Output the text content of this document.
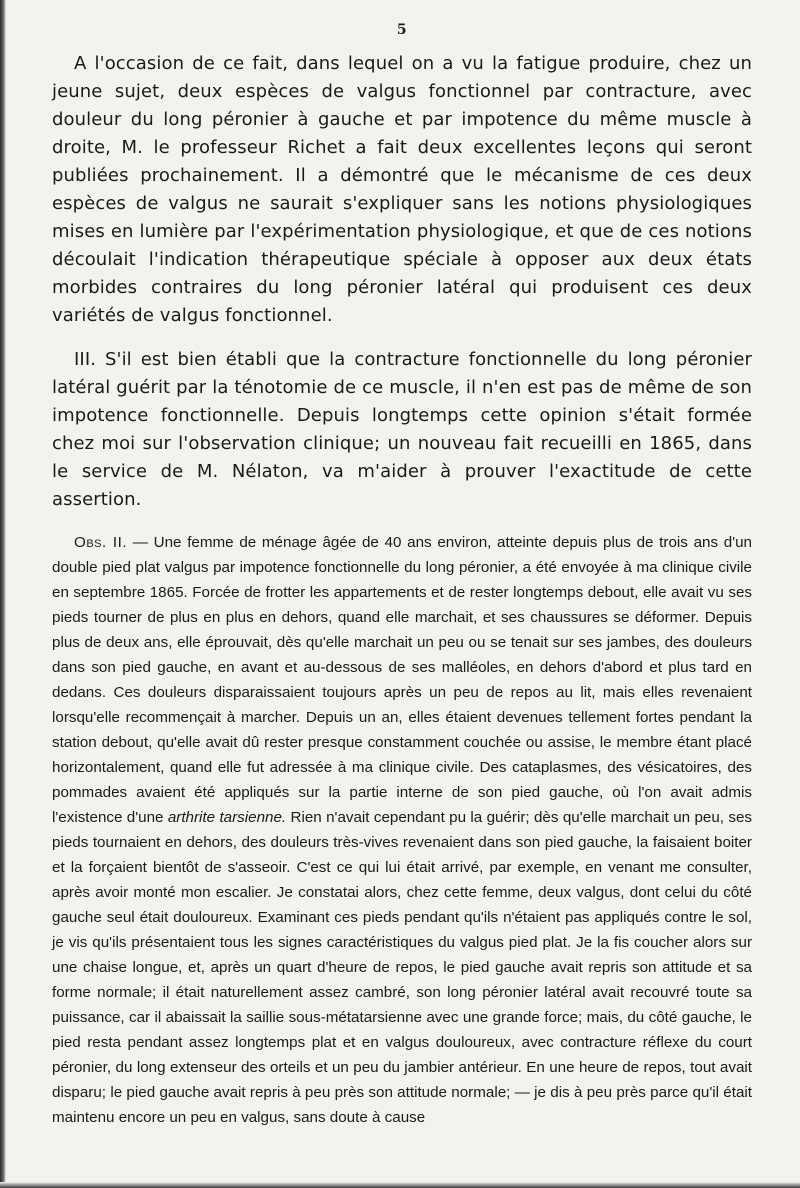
5

A l'occasion de ce fait, dans lequel on a vu la fatigue produire, chez un jeune sujet, deux espèces de valgus fonctionnel par contracture, avec douleur du long péronier à gauche et par impotence du même muscle à droite, M. le professeur Richet a fait deux excellentes leçons qui seront publiées prochainement. Il a démontré que le mécanisme de ces deux espèces de valgus ne saurait s'expliquer sans les notions physiologiques mises en lumière par l'expérimentation physiologique, et que de ces notions découlait l'indication thérapeutique spéciale à opposer aux deux états morbides contraires du long péronier latéral qui produisent ces deux variétés de valgus fonctionnel.

III. S'il est bien établi que la contracture fonctionnelle du long péronier latéral guérit par la ténotomie de ce muscle, il n'en est pas de même de son impotence fonctionnelle. Depuis longtemps cette opinion s'était formée chez moi sur l'observation clinique; un nouveau fait recueilli en 1865, dans le service de M. Nélaton, va m'aider à prouver l'exactitude de cette assertion.

Obs. II. — Une femme de ménage âgée de 40 ans environ, atteinte depuis plus de trois ans d'un double pied plat valgus par impotence fonctionnelle du long péronier, a été envoyée à ma clinique civile en septembre 1865. Forcée de frotter les appartements et de rester longtemps debout, elle avait vu ses pieds tourner de plus en plus en dehors, quand elle marchait, et ses chaussures se déformer. Depuis plus de deux ans, elle éprouvait, dès qu'elle marchait un peu ou se tenait sur ses jambes, des douleurs dans son pied gauche, en avant et au-dessous de ses malléoles, en dehors d'abord et plus tard en dedans. Ces douleurs disparaissaient toujours après un peu de repos au lit, mais elles revenaient lorsqu'elle recommençait à marcher. Depuis un an, elles étaient devenues tellement fortes pendant la station debout, qu'elle avait dû rester presque constamment couchée ou assise, le membre étant placé horizontalement, quand elle fut adressée à ma clinique civile. Des cataplasmes, des vésicatoires, des pommades avaient été appliqués sur la partie interne de son pied gauche, où l'on avait admis l'existence d'une arthrite tarsienne. Rien n'avait cependant pu la guérir; dès qu'elle marchait un peu, ses pieds tournaient en dehors, des douleurs très-vives revenaient dans son pied gauche, la faisaient boiter et la forçaient bientôt de s'asseoir. C'est ce qui lui était arrivé, par exemple, en venant me consulter, après avoir monté mon escalier. Je constatai alors, chez cette femme, deux valgus, dont celui du côté gauche seul était douloureux. Examinant ces pieds pendant qu'ils n'étaient pas appliqués contre le sol, je vis qu'ils présentaient tous les signes caractéristiques du valgus pied plat. Je la fis coucher alors sur une chaise longue, et, après un quart d'heure de repos, le pied gauche avait repris son attitude et sa forme normale; il était naturellement assez cambré, son long péronier latéral avait recouvré toute sa puissance, car il abaissait la saillie sous-métatarsienne avec une grande force; mais, du côté gauche, le pied resta pendant assez longtemps plat et en valgus douloureux, avec contracture réflexe du court péronier, du long extenseur des orteils et un peu du jambier antérieur. En une heure de repos, tout avait disparu; le pied gauche avait repris à peu près son attitude normale; — je dis à peu près parce qu'il était maintenu encore un peu en valgus, sans doute à cause
